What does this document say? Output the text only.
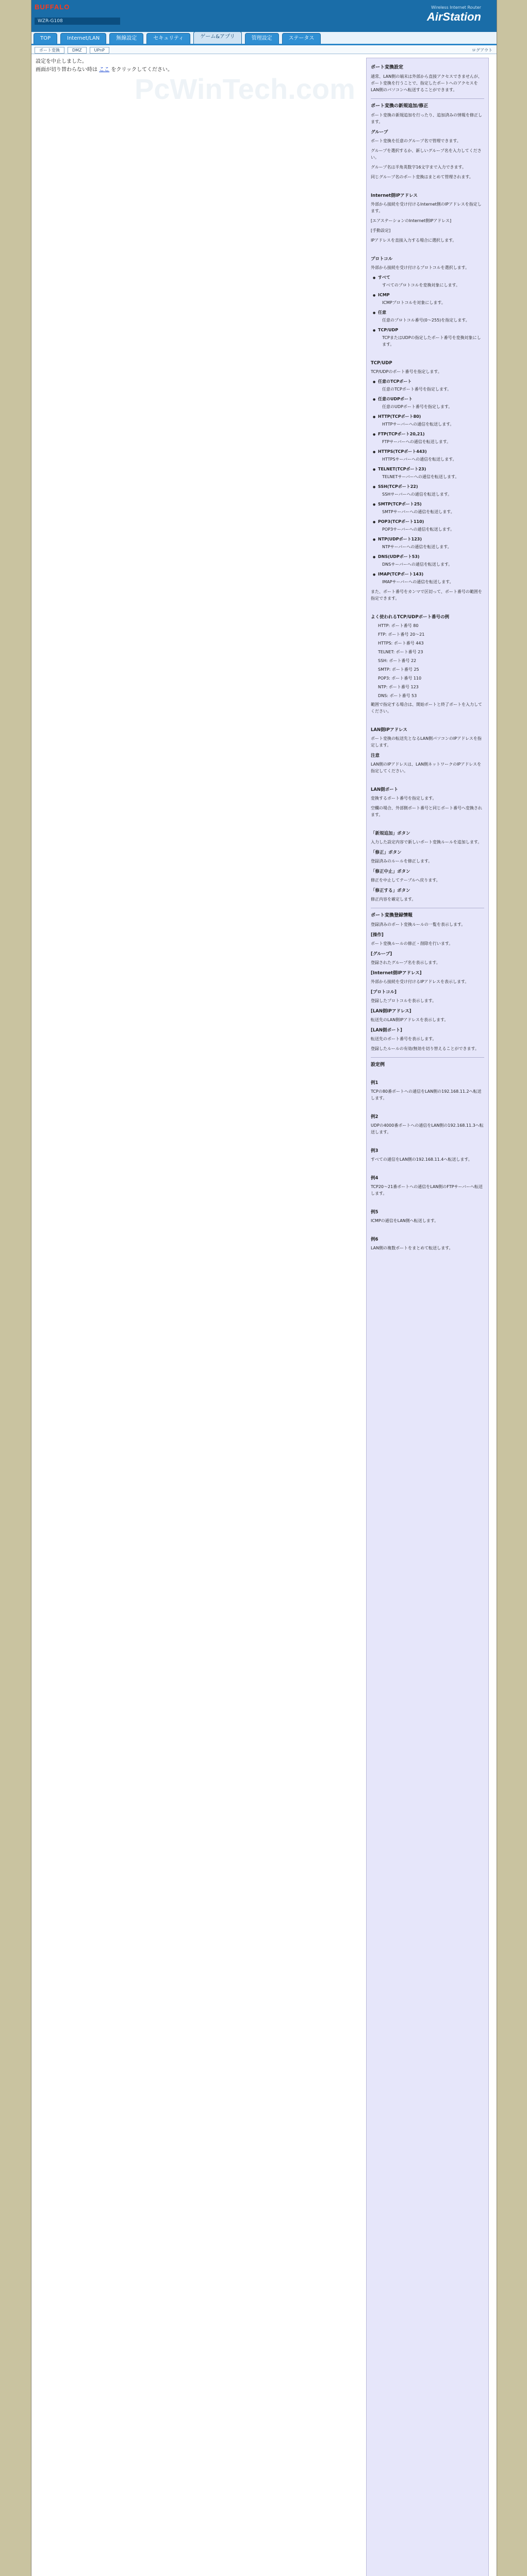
BUFFALO
WZR-G108
Wireless Internet Router
AirStation
TOP	Internet/LAN	無線設定	セキュリティ	ゲーム&アプリ	管理設定	ステータス
ポート変換	DMZ	UPnP	ログアウト
PcWinTech.com
設定を中止しました。
画面が切り替わらない時は ここ をクリックしてください。	ポート変換設定
通常、LAN側の端末は外部から直接アクセスできませんが、ポート変換を行うことで、指定したポートへのアクセスをLAN側のパソコンへ転送することができます。
ポート変換の新規追加/修正
ポート変換の新規追加を行ったり、追加済みの情報を修正します。
グループ
ポート変換を任意のグループ名で管理できます。
グループを選択するか、新しいグループ名を入力してください。
グループ名は半角英数字16文字まで入力できます。
同じグループ名のポート変換はまとめて管理されます。
Internet側IPアドレス
外部から接続を受け付けるInternet側のIPアドレスを指定します。
[エアステーションのInternet側IPアドレス]
[手動設定]
IPアドレスを直接入力する場合に選択します。
プロトコル
外部から接続を受け付けるプロトコルを選択します。
● すべて
すべてのプロトコルを変換対象にします。
● ICMP
ICMPプロトコルを対象にします。
● 任意
任意のプロトコル番号(0～255)を指定します。
● TCP/UDP
TCPまたはUDPの指定したポート番号を変換対象にします。
TCP/UDP
TCP/UDPのポート番号を指定します。
● 任意のTCPポート
任意のTCPポート番号を指定します。
● 任意のUDPポート
任意のUDPポート番号を指定します。
● HTTP(TCPポート80)
HTTPサーバーへの通信を転送します。
● FTP(TCPポート20,21)
FTPサーバーへの通信を転送します。
● HTTPS(TCPポート443)
HTTPSサーバーへの通信を転送します。
● TELNET(TCPポート23)
TELNETサーバーへの通信を転送します。
● SSH(TCPポート22)
SSHサーバーへの通信を転送します。
● SMTP(TCPポート25)
SMTPサーバーへの通信を転送します。
● POP3(TCPポート110)
POP3サーバーへの通信を転送します。
● NTP(UDPポート123)
NTPサーバーへの通信を転送します。
● DNS(UDPポート53)
DNSサーバーへの通信を転送します。
● IMAP(TCPポート143)
IMAPサーバーへの通信を転送します。
また、ポート番号をカンマで区切って、ポート番号の範囲を指定できます。
よく使われるTCP/UDPポート番号の例
HTTP: ポート番号 80
FTP: ポート番号 20～21
HTTPS: ポート番号 443
TELNET: ポート番号 23
SSH: ポート番号 22
SMTP: ポート番号 25
POP3: ポート番号 110
NTP: ポート番号 123
DNS: ポート番号 53
範囲で指定する場合は、開始ポートと終了ポートを入力してください。
LAN側IPアドレス
ポート変換の転送先となるLAN側パソコンのIPアドレスを指定します。
注意
LAN側のIPアドレスは、LAN側ネットワークのIPアドレスを指定してください。
LAN側ポート
変換するポート番号を指定します。
空欄の場合、外部側ポート番号と同じポート番号へ変換されます。
「新規追加」ボタン
入力した設定内容で新しいポート変換ルールを追加します。
「修正」ボタン
登録済みのルールを修正します。
「修正中止」ボタン
修正を中止してテーブルへ戻ります。
「修正する」ボタン
修正内容を確定します。
ポート変換登録情報
登録済みのポート変換ルールの一覧を表示します。
[操作]
ポート変換ルールの修正・削除を行います。
[グループ]
登録されたグループ名を表示します。
[Internet側IPアドレス]
外部から接続を受け付けるIPアドレスを表示します。
[プロトコル]
登録したプロトコルを表示します。
[LAN側IPアドレス]
転送先のLAN側IPアドレスを表示します。
[LAN側ポート]
転送先のポート番号を表示します。
登録したルールの有効/無効を切り替えることができます。
設定例
例1
TCPの80番ポートへの通信をLAN側の192.168.11.2へ転送します。
例2
UDPの4000番ポートへの通信をLAN側の192.168.11.3へ転送します。
例3
すべての通信をLAN側の192.168.11.4へ転送します。
例4
TCP20～21番ポートへの通信をLAN側のFTPサーバーへ転送します。
例5
ICMPの通信をLAN側へ転送します。
例6
LAN側の複数ポートをまとめて転送します。
